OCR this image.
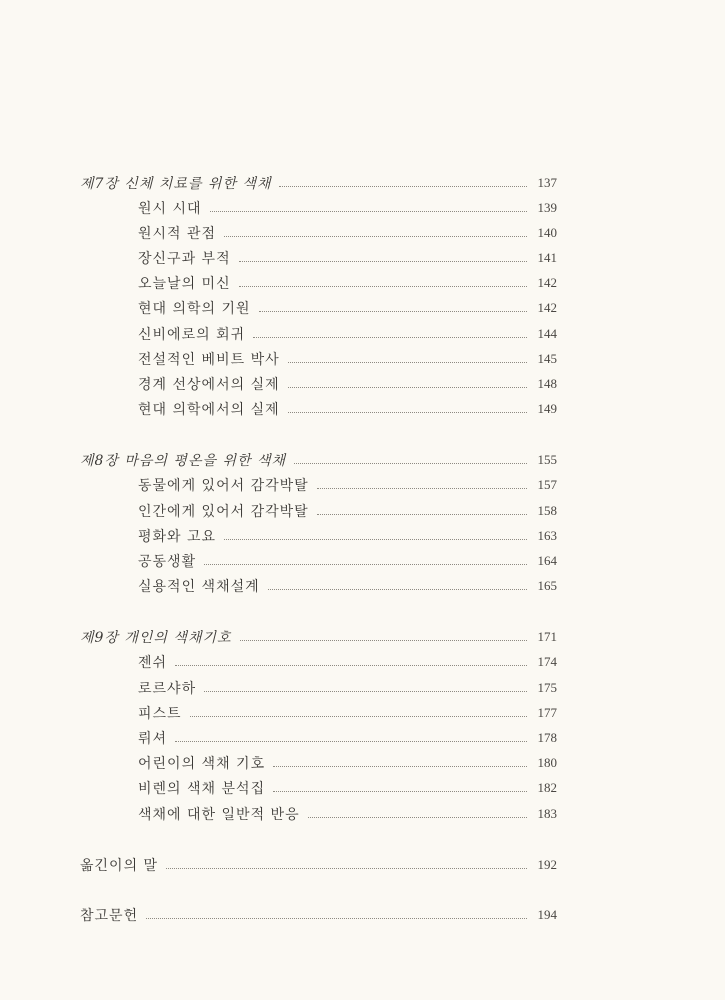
제7장 신체 치료를 위한 색채	137
원시 시대	139
원시적 관점	140
장신구과 부적	141
오늘날의 미신	142
현대 의학의 기원	142
신비에로의 회귀	144
전설적인 베비트 박사	145
경계 선상에서의 실제	148
현대 의학에서의 실제	149
제8장 마음의 평온을 위한 색채	155
동물에게 있어서 감각박탈	157
인간에게 있어서 감각박탈	158
평화와 고요	163
공동생활	164
실용적인 색채설계	165
제9장 개인의 색채기호	171
젠쉬	174
로르샤하	175
피스트	177
뤼셔	178
어린이의 색채 기호	180
비렌의 색채 분석집	182
색채에 대한 일반적 반응	183
옮긴이의 말	192
참고문헌	194
